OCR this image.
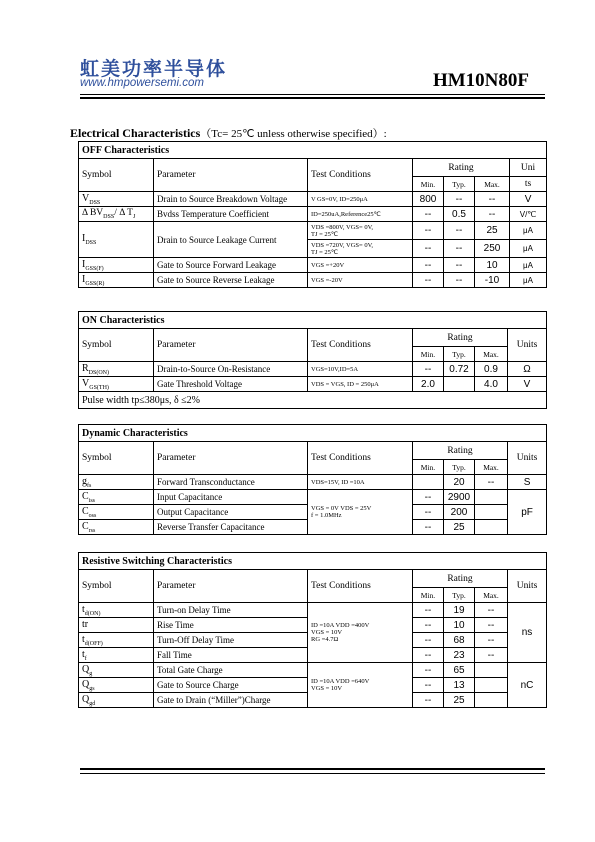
虹美功率半导体
www.hmpowersemi.com	HM10N80F
Electrical Characteristics（Tc= 25℃ unless otherwise specified）:
OFF Characteristics						
Symbol	Parameter	Test Conditions	Rating			Uni
			Min.	Typ.	Max.	ts
$V_{DSS}$	Drain to Source Breakdown Voltage	V GS=0V, ID=250μA	800	--	--	V
Δ $BV_{DSS}/$ Δ $T_J$	Bvdss Temperature Coefficient	ID=250uA,Reference25℃	--	0.5	--	V/℃
$I_{DSS}$	Drain to Source Leakage Current	VDS =800V, VGS= 0V,
TJ = 25℃	--	--	25	μA

		VDS =720V, VGS= 0V,
TJ = 25℃	--	--	250	μA
$I_{GSS(F)}$	Gate to Source Forward Leakage	VGS =+20V	--	--	10	μA
$I_{GSS(R)}$	Gate to Source Reverse Leakage	VGS =-20V	--	--	-10	μA
ON Characteristics						
Symbol	Parameter	Test Conditions	Rating			Units
			Min.	Typ.	Max.	
$R_{DS(ON)}$	Drain-to-Source On-Resistance	VGS=10V,ID=5A	--	0.72	0.9	Ω
$V_{GS(TH)}$	Gate Threshold Voltage	VDS = VGS, ID = 250μA	2.0		4.0	V
Pulse width tp≤380μs, δ ≤2%						
Dynamic Characteristics						
Symbol	Parameter	Test Conditions	Rating			Units
			Min.	Typ.	Max.	
$g_{fs}$	Forward Transconductance	VDS=15V, ID =10A		20	--	S
$C_{iss}$	Input Capacitance	VGS = 0V VDS = 25V
f = 1.0MHz	--	2900		pF
$C_{oss}$	Output Capacitance		--	200		
$C_{rss}$	Reverse Transfer Capacitance		--	25		
Resistive Switching Characteristics						
Symbol	Parameter	Test Conditions	Rating			Units
			Min.	Typ.	Max.	
$t_{d(ON)}$	Turn-on Delay Time	ID =10A VDD =400V
VGS = 10V
RG =4.7Ω	--	19	--	ns
tr	Rise Time		--	10	--	
$t_{d(OFF)}$	Turn-Off Delay Time		--	68	--	
$t_f$	Fall Time		--	23	--	
$Q_g$	Total Gate Charge	ID =10A VDD =640V
VGS = 10V	--	65		nC
$Q_{gs}$	Gate to Source Charge		--	13		
$Q_{gd}$	Gate to Drain (“Miller”)Charge		--	25		
